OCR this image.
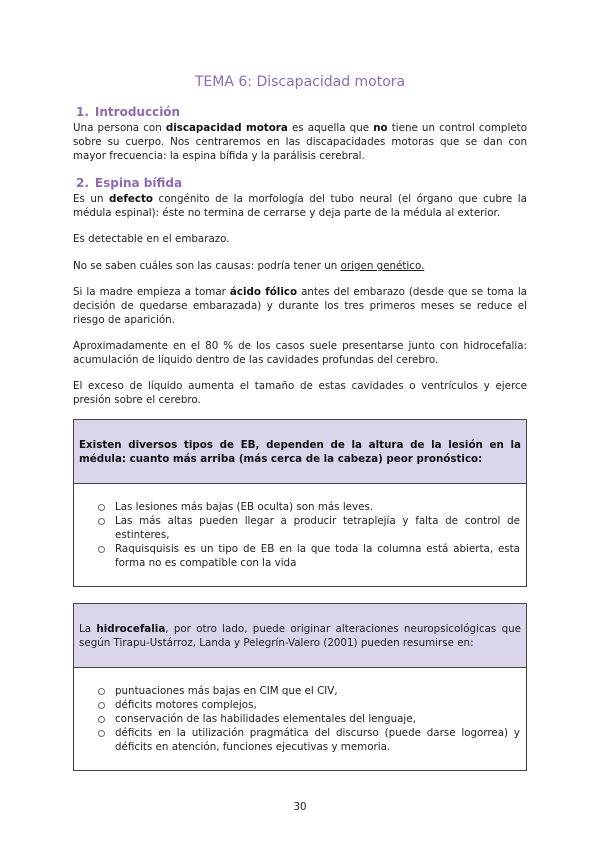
TEMA 6: Discapacidad motora
1. Introducción

Una persona con discapacidad motora es aquella que no tiene un control completo sobre su cuerpo. Nos centraremos en las discapacidades motoras que se dan con mayor frecuencia: la espina bífida y la parálisis cerebral.

2. Espina bífida

Es un defecto congénito de la morfología del tubo neural (el órgano que cubre la médula espinal): éste no termina de cerrarse y deja parte de la médula al exterior.

Es detectable en el embarazo.

No se saben cuáles son las causas: podría tener un origen genético.

Si la madre empieza a tomar ácido fólico antes del embarazo (desde que se toma la decisión de quedarse embarazada) y durante los tres primeros meses se reduce el riesgo de aparición.

Aproximadamente en el 80 % de los casos suele presentarse junto con hidrocefalia: acumulación de líquido dentro de las cavidades profundas del cerebro.

El exceso de líquido aumenta el tamaño de estas cavidades o ventrículos y ejerce presión sobre el cerebro.

Existen diversos tipos de EB, dependen de la altura de la lesión en la médula: cuanto más arriba (más cerca de la cabeza) peor pronóstico:
Las lesiones más bajas (EB oculta) son más leves.
Las más altas pueden llegar a producir tetraplejía y falta de control de estinteres,
Raquisquisis es un tipo de EB en la que toda la columna está abierta, esta forma no es compatible con la vida
La hidrocefalia, por otro lado, puede originar alteraciones neuropsicológicas que según Tirapu-Ustárroz, Landa y Pelegrín-Valero (2001) pueden resumirse en:
puntuaciones más bajas en CIM que el CIV,
déficits motores complejos,
conservación de las habilidades elementales del lenguaje,
déficits en la utilización pragmática del discurso (puede darse logorrea) y déficits en atención, funciones ejecutivas y memoria.
30
